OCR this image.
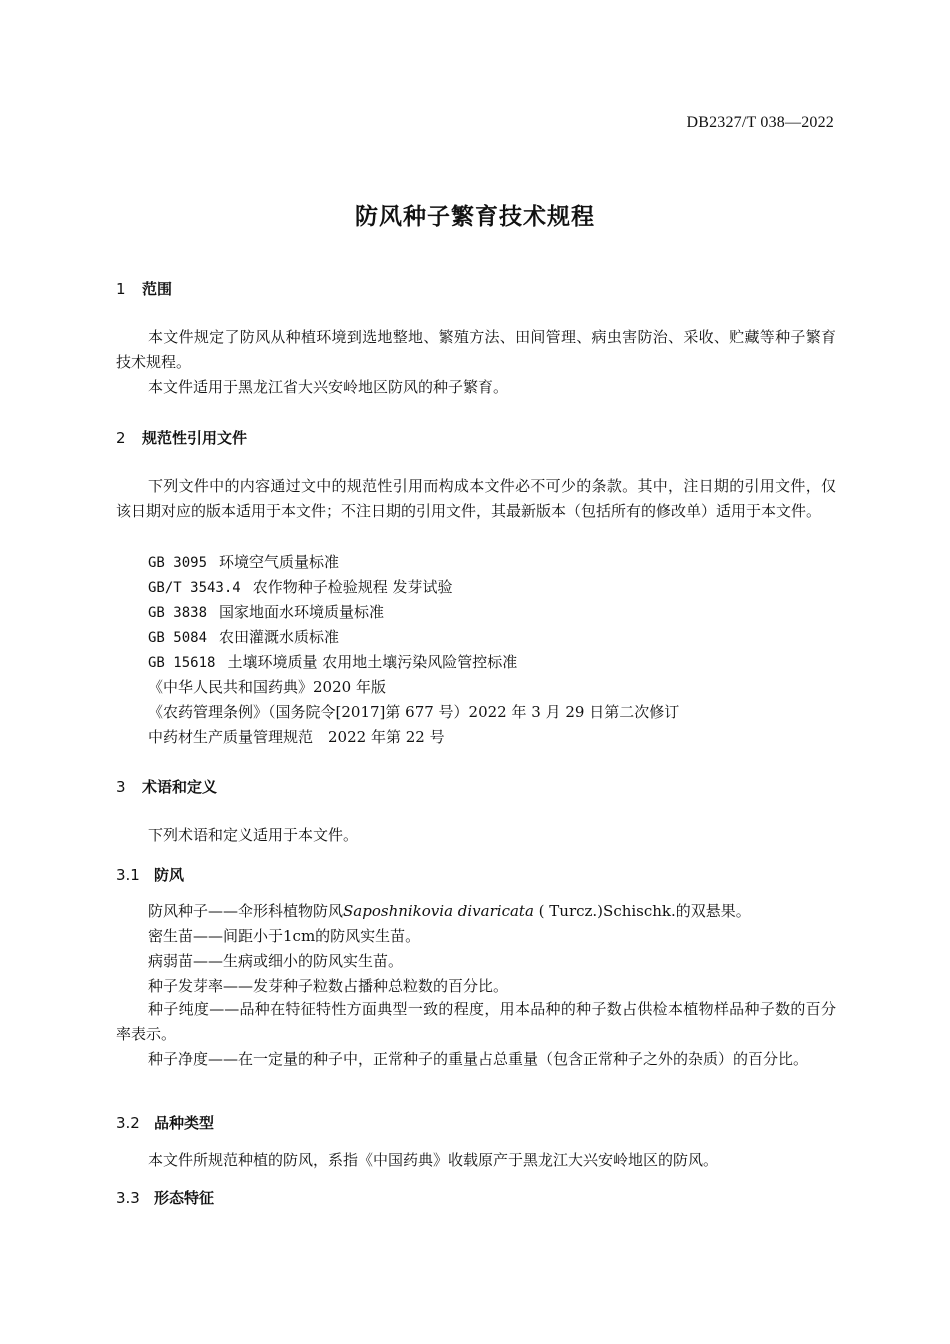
DB2327/T 038—2022
防风种子繁育技术规程
1 范围
本文件规定了防风从种植环境到选地整地、繁殖方法、田间管理、病虫害防治、采收、贮藏等种子繁育技术规程。
本文件适用于黑龙江省大兴安岭地区防风的种子繁育。
2 规范性引用文件
下列文件中的内容通过文中的规范性引用而构成本文件必不可少的条款。其中，注日期的引用文件，仅该日期对应的版本适用于本文件；不注日期的引用文件，其最新版本（包括所有的修改单）适用于本文件。
GB 3095 环境空气质量标准
GB/T 3543.4 农作物种子检验规程 发芽试验
GB 3838 国家地面水环境质量标准
GB 5084 农田灌溉水质标准
GB 15618 土壤环境质量 农用地土壤污染风险管控标准
《中华人民共和国药典》2020 年版
《农药管理条例》（国务院令[2017]第 677 号）2022 年 3 月 29 日第二次修订
中药材生产质量管理规范　2022 年第 22 号
3 术语和定义
下列术语和定义适用于本文件。
3.1 防风
防风种子——伞形科植物防风Saposhnikovia divaricata ( Turcz.)Schischk.的双悬果。
密生苗——间距小于1cm的防风实生苗。
病弱苗——生病或细小的防风实生苗。
种子发芽率——发芽种子粒数占播种总粒数的百分比。
种子纯度——品种在特征特性方面典型一致的程度，用本品种的种子数占供检本植物样品种子数的百分率表示。
种子净度——在一定量的种子中，正常种子的重量占总重量（包含正常种子之外的杂质）的百分比。
3.2 品种类型
本文件所规范种植的防风，系指《中国药典》收载原产于黑龙江大兴安岭地区的防风。
3.3 形态特征
